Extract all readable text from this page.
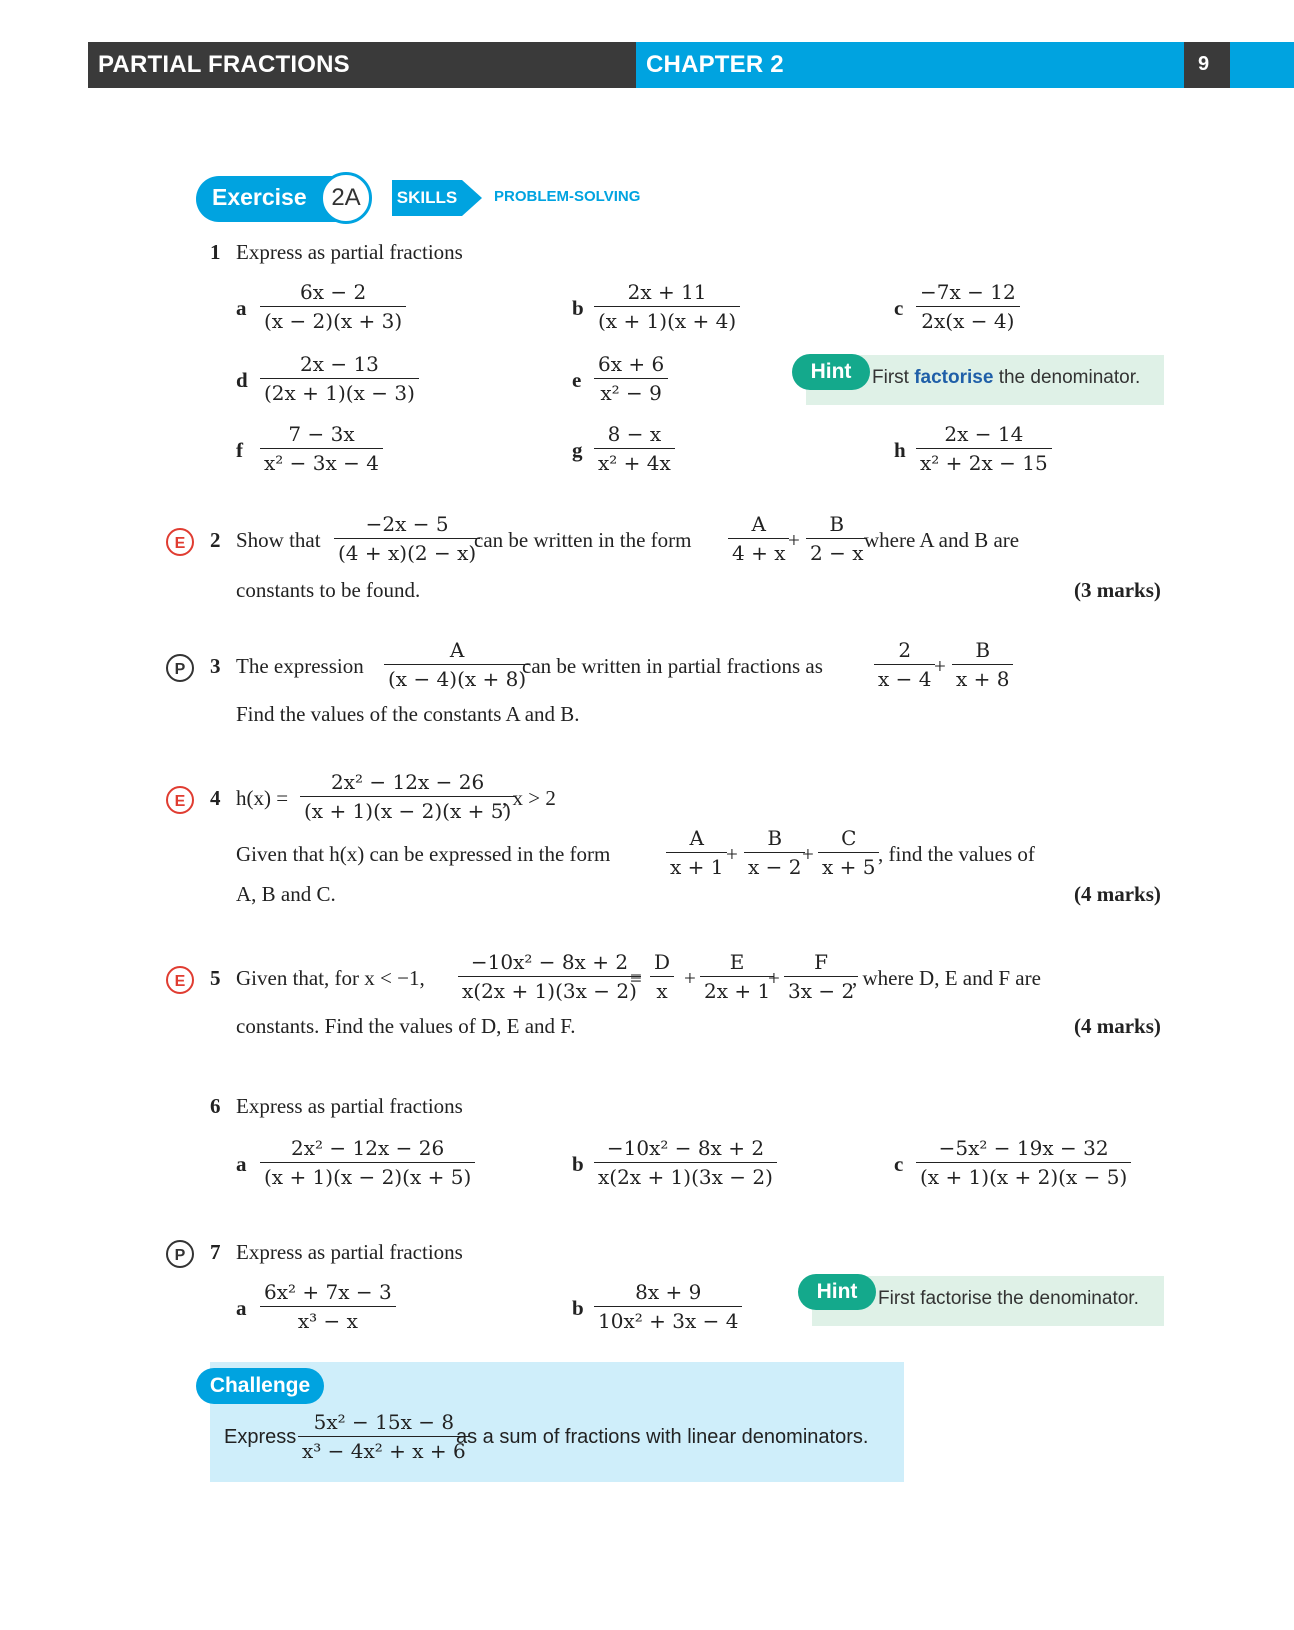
PARTIAL FRACTIONS	CHAPTER 2	9
Exercise	2A	SKILLS	PROBLEM-SOLVING
1 Express as partial fractions
a $\frac{6x - 2}{(x - 2)(x + 3)}$	b $\frac{2x + 11}{(x + 1)(x + 4)}$	c $\frac{-7x - 12}{2x(x - 4)}$
d $\frac{2x - 13}{(2x + 1)(x - 3)}$	e $\frac{6x + 6}{\text{x² − 9}}$	Hint	First factorise the denominator.
f $\frac{7 - 3x}{\text{x² − 3x − 4}}$	g $\frac{8 - x}{\text{x² + 4x}}$	h $\frac{2x - 14}{\text{x² + 2x − 15}}$
E	2 Show that $\frac{-2x - 5}{(4 + x)(2 - x)}$
can be written in the form $\frac{A}{4 + x}$
+ $\frac{B}{2 - x}$
where A and B are
constants to be found.	(3 marks)
P	3 The expression $\frac{A}{(x - 4)(x + 8)}$
can be written in partial fractions as	$\frac{2}{x - 4}$
+ $\frac{B}{x + 8}$
Find the values of the constants A and B.
E	4 $h(x) = \frac{\text{2x² − 12x − 26}}{(x + 1)(x - 2)(x + 5)}$
, x > 2
Given that h(x) can be expressed in the form	$\frac{A}{x + 1}$
+ $\frac{B}{x - 2}$
+ $\frac{C}{x + 5}$
, find the values of
A, B and C.	(4 marks)
E	5 Given that, for x < −1, $\frac{\text{−10x² − 8x + 2}}{x(2x + 1)(3x - 2)}$
≡ $\frac{D}{x} + \frac{E}{2x + 1}$
+ $\frac{F}{3x - 2}$
, where D, E and F are
constants. Find the values of D, E and F.	(4 marks)
6 Express as partial fractions
a $\frac{\text{2x² − 12x − 26}}{(x + 1)(x - 2)(x + 5)}$	b $\frac{\text{−10x² − 8x + 2}}{x(2x + 1)(3x - 2)}$	c $\frac{\text{−5x² − 19x − 32}}{(x + 1)(x + 2)(x - 5)}$
P	7 Express as partial fractions
a $\frac{\text{6x² + 7x − 3}}{\text{x³ − x}}$	b $\frac{8x + 9}{\text{10x² + 3x − 4}}$	Hint	First factorise the denominator.
Challenge
Express $\frac{\text{5x² − 15x − 8}}{\text{x³ − 4x² + x + 6}}$
as a sum of fractions with linear denominators.
